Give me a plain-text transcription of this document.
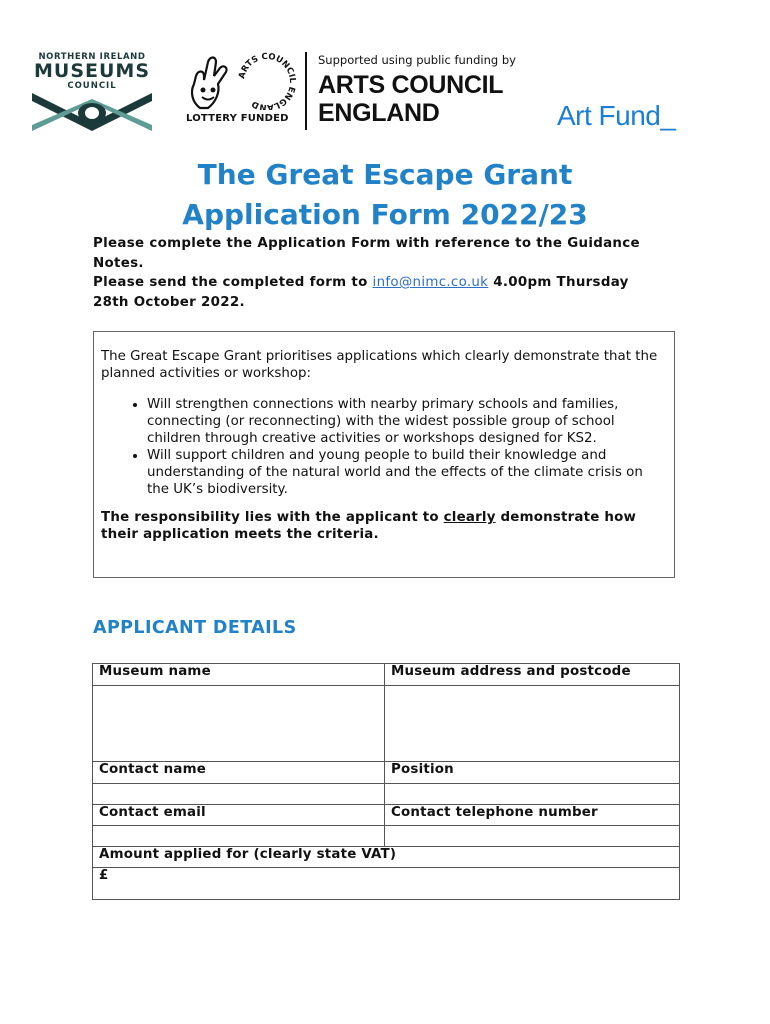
NORTHERN IRELAND
MUSEUMS
COUNCIL
ARTS COUNCIL ENGLAND
LOTTERY FUNDED
Supported using public funding by
ARTS COUNCIL
ENGLAND	Art Fund_
The Great Escape Grant
Application Form 2022/23
Please complete the Application Form with reference to the Guidance Notes.
Please send the completed form to info@nimc.co.uk 4.00pm Thursday 28th October 2022.
The Great Escape Grant prioritises applications which clearly demonstrate that the planned activities or workshop:
• Will strengthen connections with nearby primary schools and families, connecting (or reconnecting) with the widest possible group of school children through creative activities or workshops designed for KS2.
• Will support children and young people to build their knowledge and understanding of the natural world and the effects of the climate crisis on the UK’s biodiversity.
The responsibility lies with the applicant to clearly demonstrate how their application meets the criteria.
APPLICANT DETAILS
Museum name	Museum address and postcode

Contact name	Position

Contact email	Contact telephone number

Amount applied for (clearly state VAT)	
£	
